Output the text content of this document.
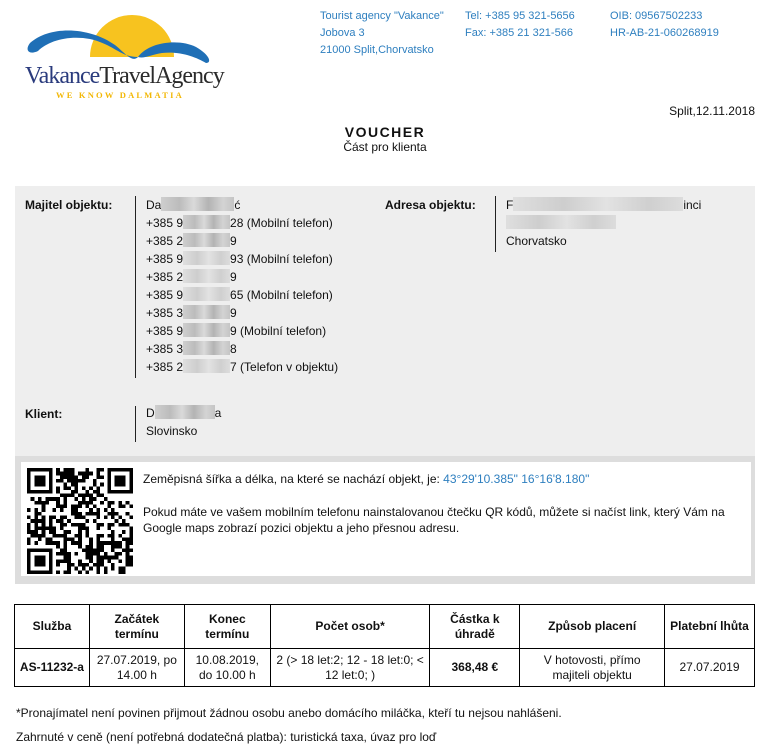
VakanceTravelAgency
WE KNOW DALMATIA
Tourist agency "Vakance"
Jobova 3
21000 Split,Chorvatsko
Tel: +385 95 321-5656
Fax: +385 21 321-566
OIB: 09567502233
HR-AB-21-060268919
Split,12.11.2018
VOUCHER
Část pro klienta
Majitel objektu:	Da	ć
+385 9	28 (Mobilní telefon)
+385 2	9
+385 9	93 (Mobilní telefon)
+385 2	9
+385 9	65 (Mobilní telefon)
+385 3	9
+385 9	9 (Mobilní telefon)
+385 3	8
+385 2	7 (Telefon v objektu)
Adresa objektu:	F	inci
Chorvatsko
Klient:	D	a
Slovinsko
Zeměpisná šířka a délka, na které se nachází objekt, je: 43°29'10.385" 16°16'8.180"
Pokud máte ve vašem mobilním telefonu nainstalovanou čtečku QR kódů, můžete si načíst link, který Vám na Google maps zobrazí pozici objektu a jeho přesnou adresu.
Služba	Začátek termínu	Konec termínu	Počet osob*	Částka k úhradě	Způsob placení	Platební lhůta
AS-11232-a	27.07.2019, po 14.00 h	10.08.2019, do 10.00 h	2 (> 18 let:2; 12 - 18 let:0; < 12 let:0; )	368,48 €	V hotovosti, přímo majiteli objektu	27.07.2019
*Pronajímatel není povinen přijmout žádnou osobu anebo domácího miláčka, kteří tu nejsou nahlášeni.
Zahrnuté v ceně (není potřebná dodatečná platba): turistická taxa, úvaz pro loď
